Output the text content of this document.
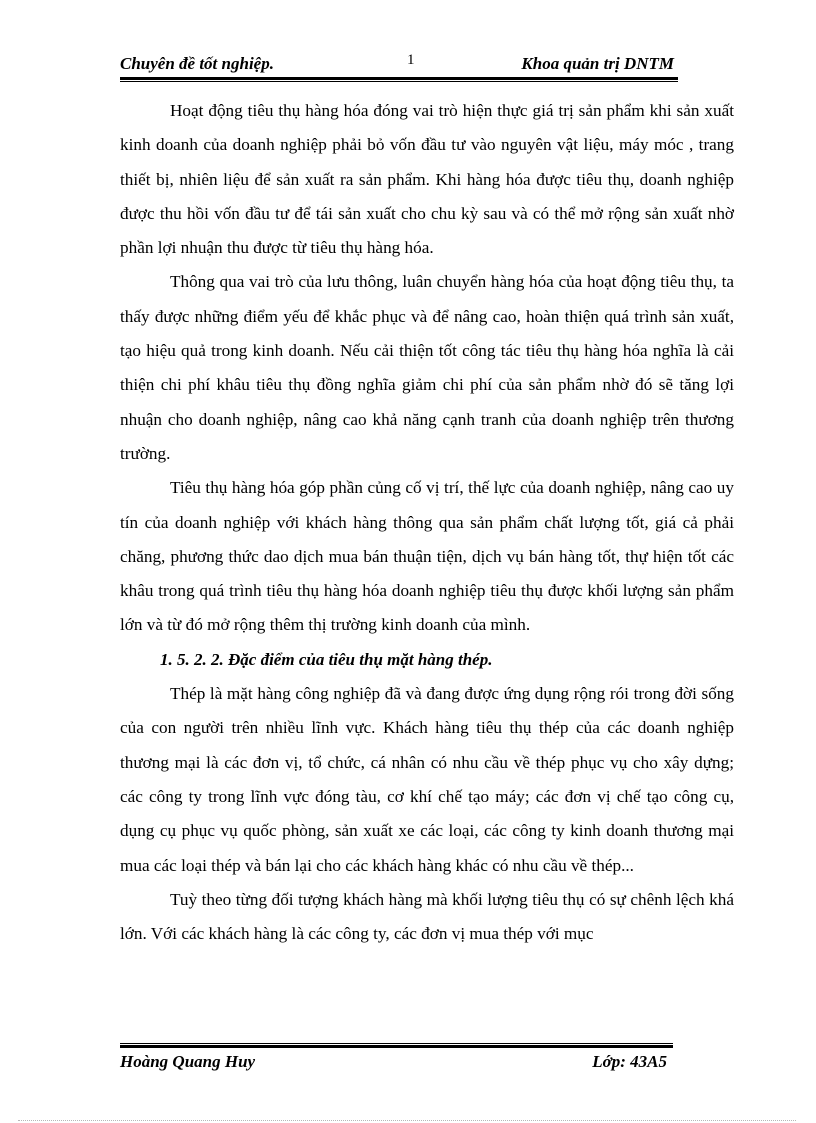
Chuyên đề tốt nghiệp.	1	Khoa quản trị DNTM

Hoạt động tiêu thụ hàng hóa đóng vai trò hiện thực giá trị sản phẩm khi sản xuất kinh doanh của doanh nghiệp phải bỏ vốn đầu tư vào nguyên vật liệu, máy móc , trang thiết bị, nhiên liệu để sản xuất ra sản phẩm. Khi hàng hóa được tiêu thụ, doanh nghiệp được thu hồi vốn đầu tư để tái sản xuất cho chu kỳ sau và có thể mở rộng sản xuất nhờ phần lợi nhuận thu được từ tiêu thụ hàng hóa.

Thông qua vai trò của lưu thông, luân chuyển hàng hóa của hoạt động tiêu thụ, ta thấy được những điểm yếu để khắc phục và để nâng cao, hoàn thiện quá trình sản xuất, tạo hiệu quả trong kinh doanh. Nếu cải thiện tốt công tác tiêu thụ hàng hóa nghĩa là cải thiện chi phí khâu tiêu thụ đồng nghĩa giảm chi phí của sản phẩm nhờ đó sẽ tăng lợi nhuận cho doanh nghiệp, nâng cao khả năng cạnh tranh của doanh nghiệp trên thương trường.

Tiêu thụ hàng hóa góp phần củng cố vị trí, thế lực của doanh nghiệp, nâng cao uy tín của doanh nghiệp với khách hàng thông qua sản phẩm chất lượng tốt, giá cả phải chăng, phương thức dao dịch mua bán thuận tiện, dịch vụ bán hàng tốt, thự hiện tốt các khâu trong quá trình tiêu thụ hàng hóa doanh nghiệp tiêu thụ được khối lượng sản phẩm lớn và từ đó mở rộng thêm thị trường kinh doanh của mình.

1. 5. 2. 2. Đặc điểm của tiêu thụ mặt hàng thép.

Thép là mặt hàng công nghiệp đã và đang được ứng dụng rộng rói trong đời sống của con người trên nhiều lĩnh vực. Khách hàng tiêu thụ thép của các doanh nghiệp thương mại là các đơn vị, tổ chức, cá nhân có nhu cầu về thép phục vụ cho xây dựng; các công ty trong lĩnh vực đóng tàu, cơ khí chế tạo máy; các đơn vị chế tạo công cụ, dụng cụ phục vụ quốc phòng, sản xuất xe các loại, các công ty kinh doanh thương mại mua các loại thép và bán lại cho các khách hàng khác có nhu cầu về thép...

Tuỳ theo từng đối tượng khách hàng mà khối lượng tiêu thụ có sự chênh lệch khá lớn. Với các khách hàng là các công ty, các đơn vị mua thép với mục

Hoàng Quang Huy	Lớp: 43A5
